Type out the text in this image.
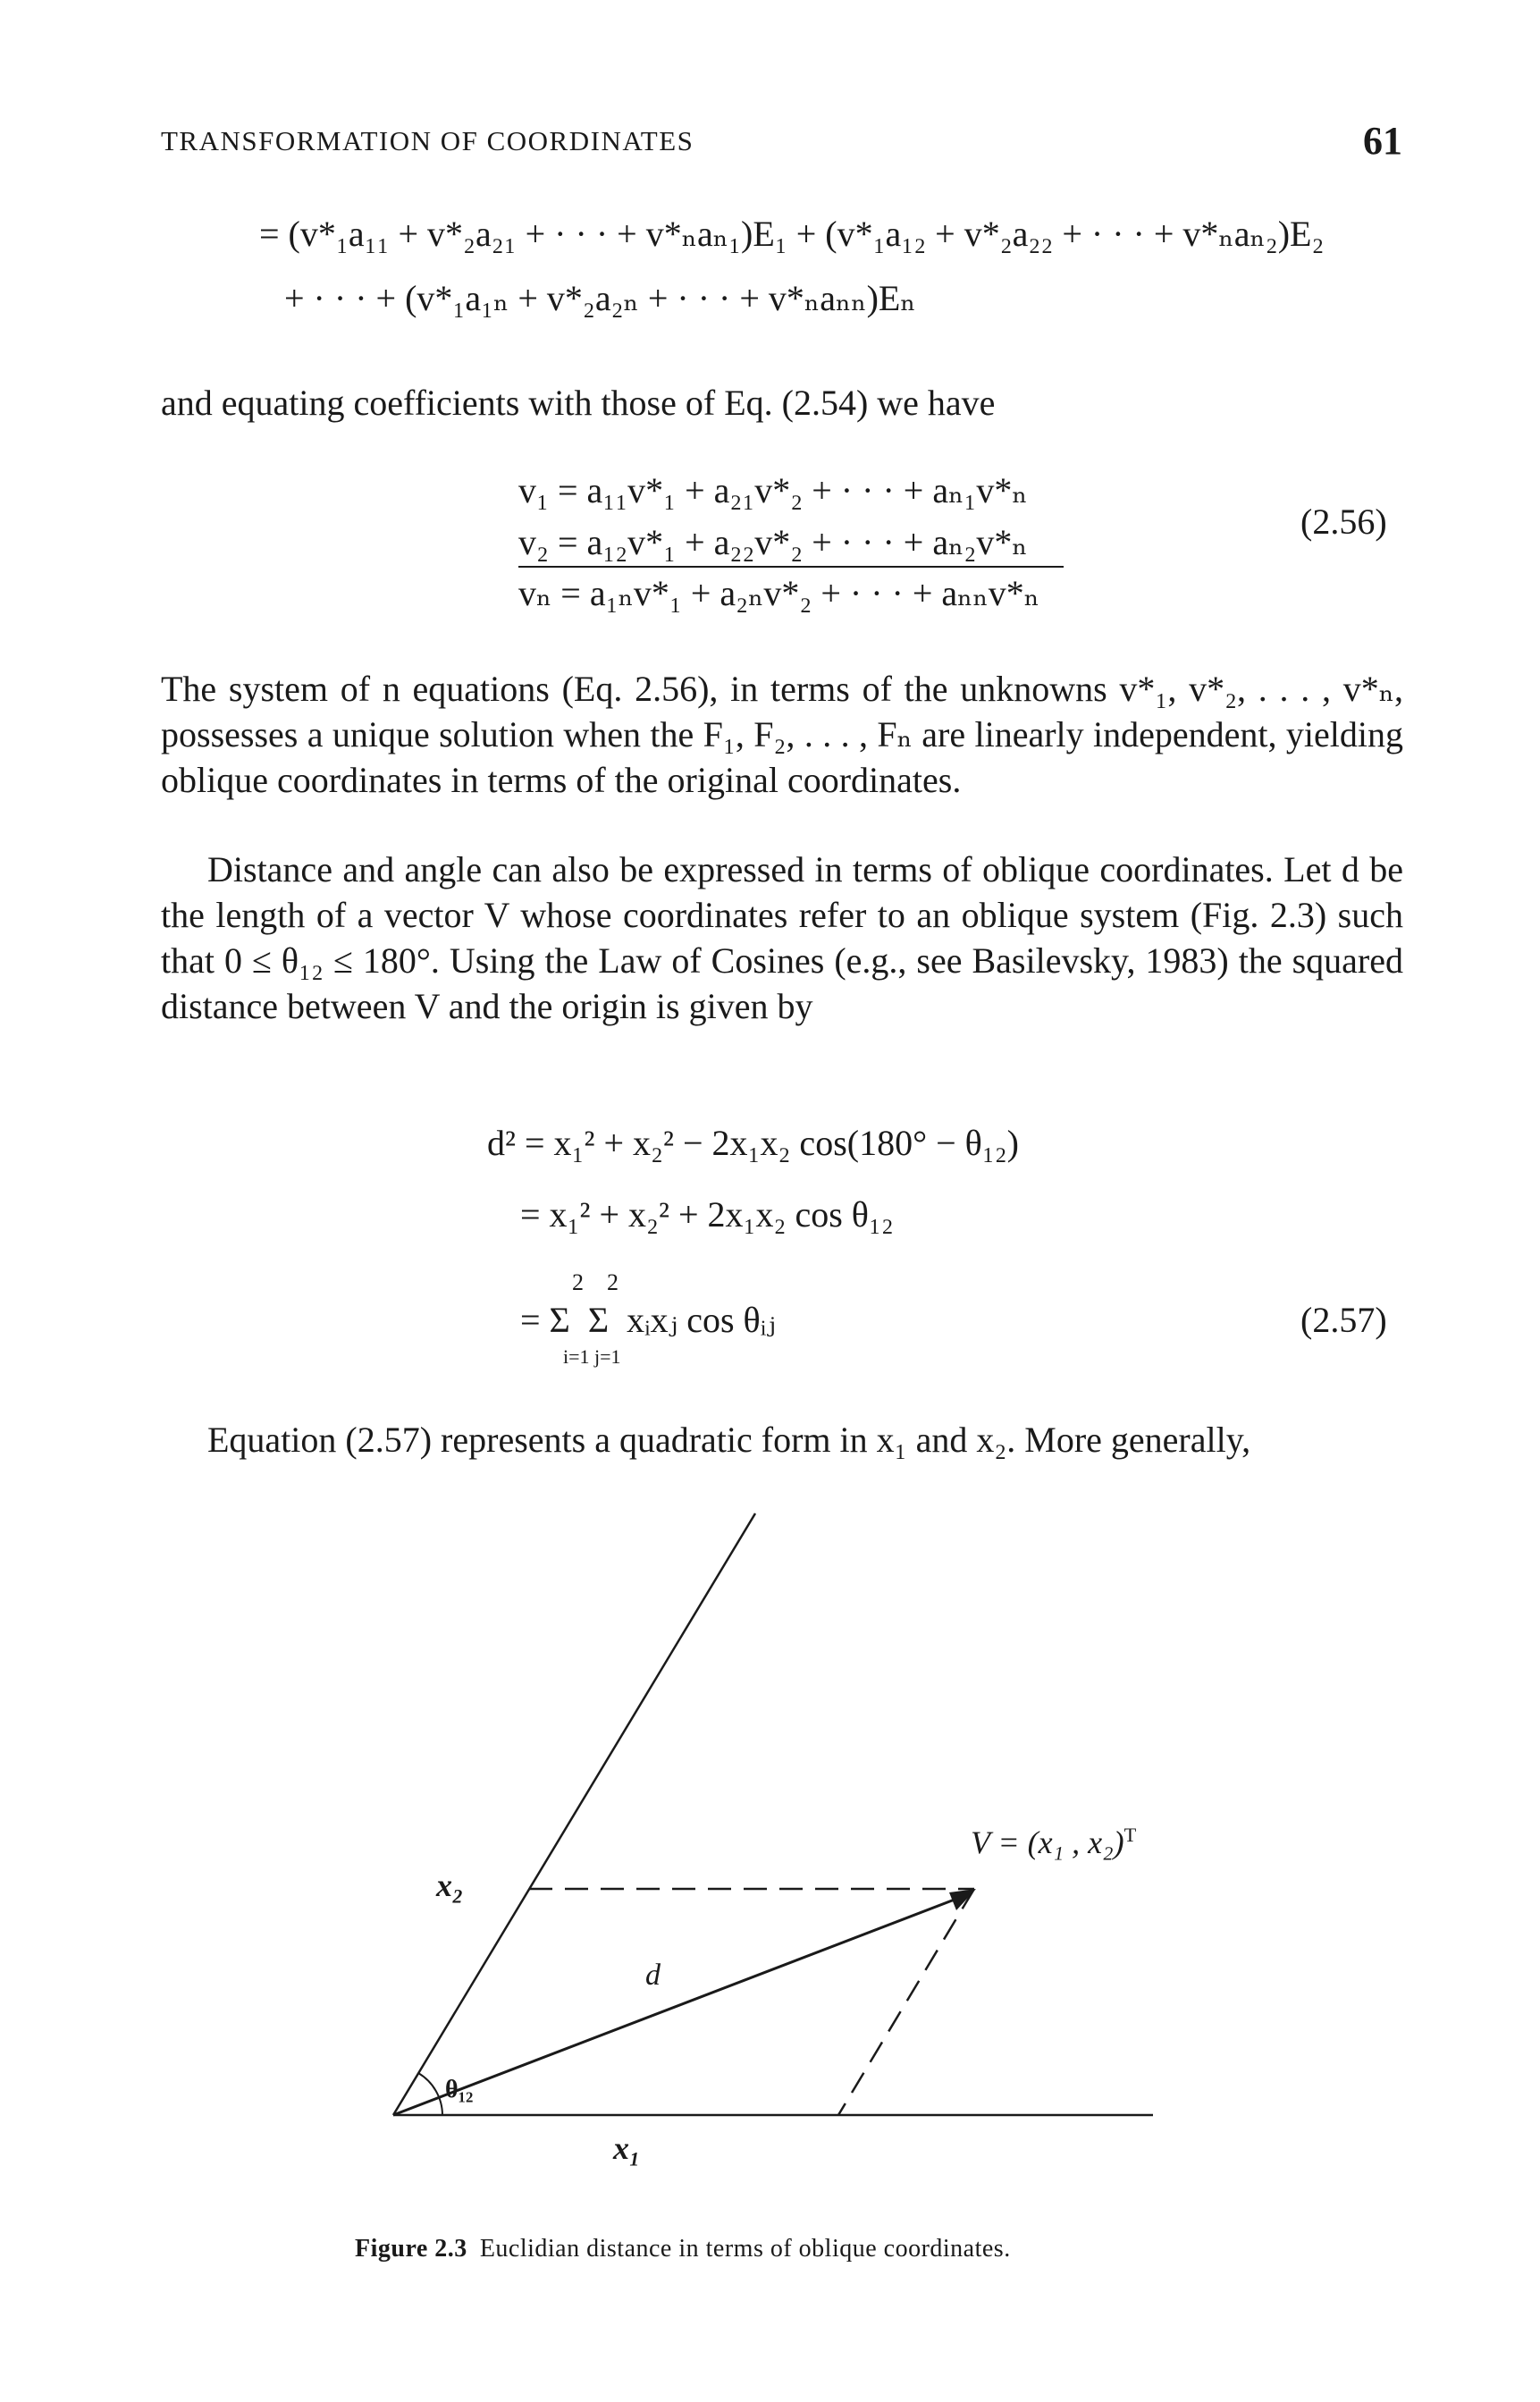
TRANSFORMATION OF COORDINATES	61
= (v*₁a₁₁ + v*₂a₂₁ + · · · + v*ₙaₙ₁)E₁ + (v*₁a₁₂ + v*₂a₂₂ + · · · + v*ₙaₙ₂)E₂
+ · · · + (v*₁a₁ₙ + v*₂a₂ₙ + · · · + v*ₙaₙₙ)Eₙ
and equating coefficients with those of Eq. (2.54) we have
v₁ = a₁₁v*₁ + a₂₁v*₂ + · · · + aₙ₁v*ₙ
v₂ = a₁₂v*₁ + a₂₂v*₂ + · · · + aₙ₂v*ₙ
vₙ = a₁ₙv*₁ + a₂ₙv*₂ + · · · + aₙₙv*ₙ
(2.56)
The system of n equations (Eq. 2.56), in terms of the unknowns v*₁, v*₂, . . . , v*ₙ, possesses a unique solution when the F₁, F₂, . . . , Fₙ are linearly independent, yielding oblique coordinates in terms of the original coordinates.
Distance and angle can also be expressed in terms of oblique coordinates. Let d be the length of a vector V whose coordinates refer to an oblique system (Fig. 2.3) such that 0 ≤ θ₁₂ ≤ 180°. Using the Law of Cosines (e.g., see Basilevsky, 1983) the squared distance between V and the origin is given by
d² = x₁² + x₂² − 2x₁x₂ cos(180° − θ₁₂)
= x₁² + x₂² + 2x₁x₂ cos θ₁₂
2    2
= Σ  Σ  xᵢxⱼ cos θᵢⱼ
i=1 j=1
(2.57)
Equation (2.57) represents a quadratic form in x₁ and x₂. More generally,
x₂
d
θ₁₂
V = (x₁ , x₂)$^T$
x₁
Figure 2.3 Euclidian distance in terms of oblique coordinates.
